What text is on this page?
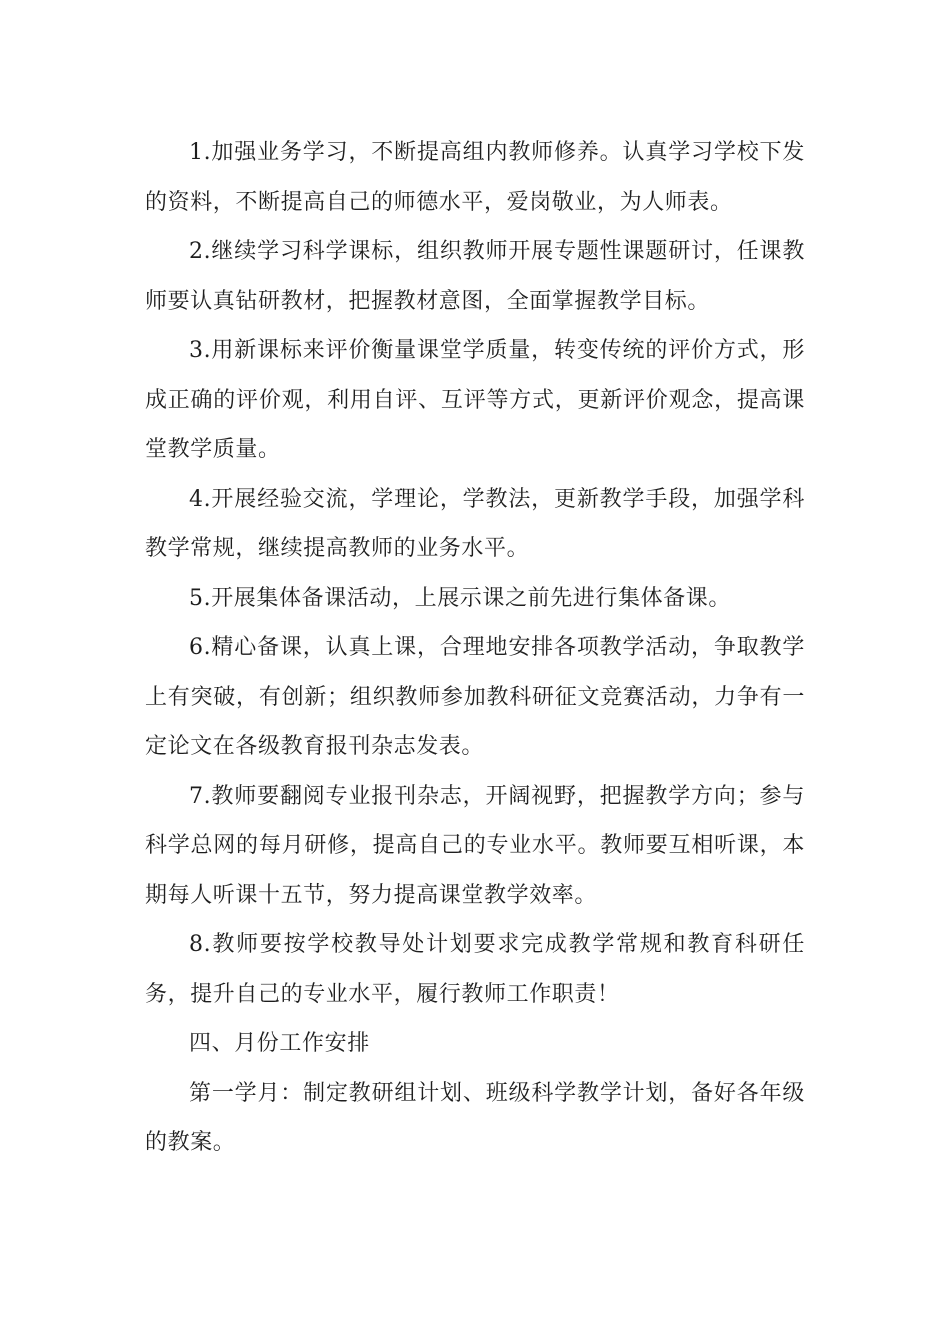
1.加强业务学习，不断提高组内教师修养。认真学习学校下发的资料，不断提高自己的师德水平，爱岗敬业，为人师表。

2.继续学习科学课标，组织教师开展专题性课题研讨，任课教师要认真钻研教材，把握教材意图，全面掌握教学目标。

3.用新课标来评价衡量课堂学质量，转变传统的评价方式，形成正确的评价观，利用自评、互评等方式，更新评价观念，提高课堂教学质量。

4.开展经验交流，学理论，学教法，更新教学手段，加强学科教学常规，继续提高教师的业务水平。

5.开展集体备课活动，上展示课之前先进行集体备课。

6.精心备课，认真上课，合理地安排各项教学活动，争取教学上有突破，有创新；组织教师参加教科研征文竞赛活动，力争有一定论文在各级教育报刊杂志发表。

7.教师要翻阅专业报刊杂志，开阔视野，把握教学方向；参与科学总网的每月研修，提高自己的专业水平。教师要互相听课，本期每人听课十五节，努力提高课堂教学效率。

8.教师要按学校教导处计划要求完成教学常规和教育科研任务，提升自己的专业水平，履行教师工作职责！

四、月份工作安排

第一学月：制定教研组计划、班级科学教学计划，备好各年级的教案。
